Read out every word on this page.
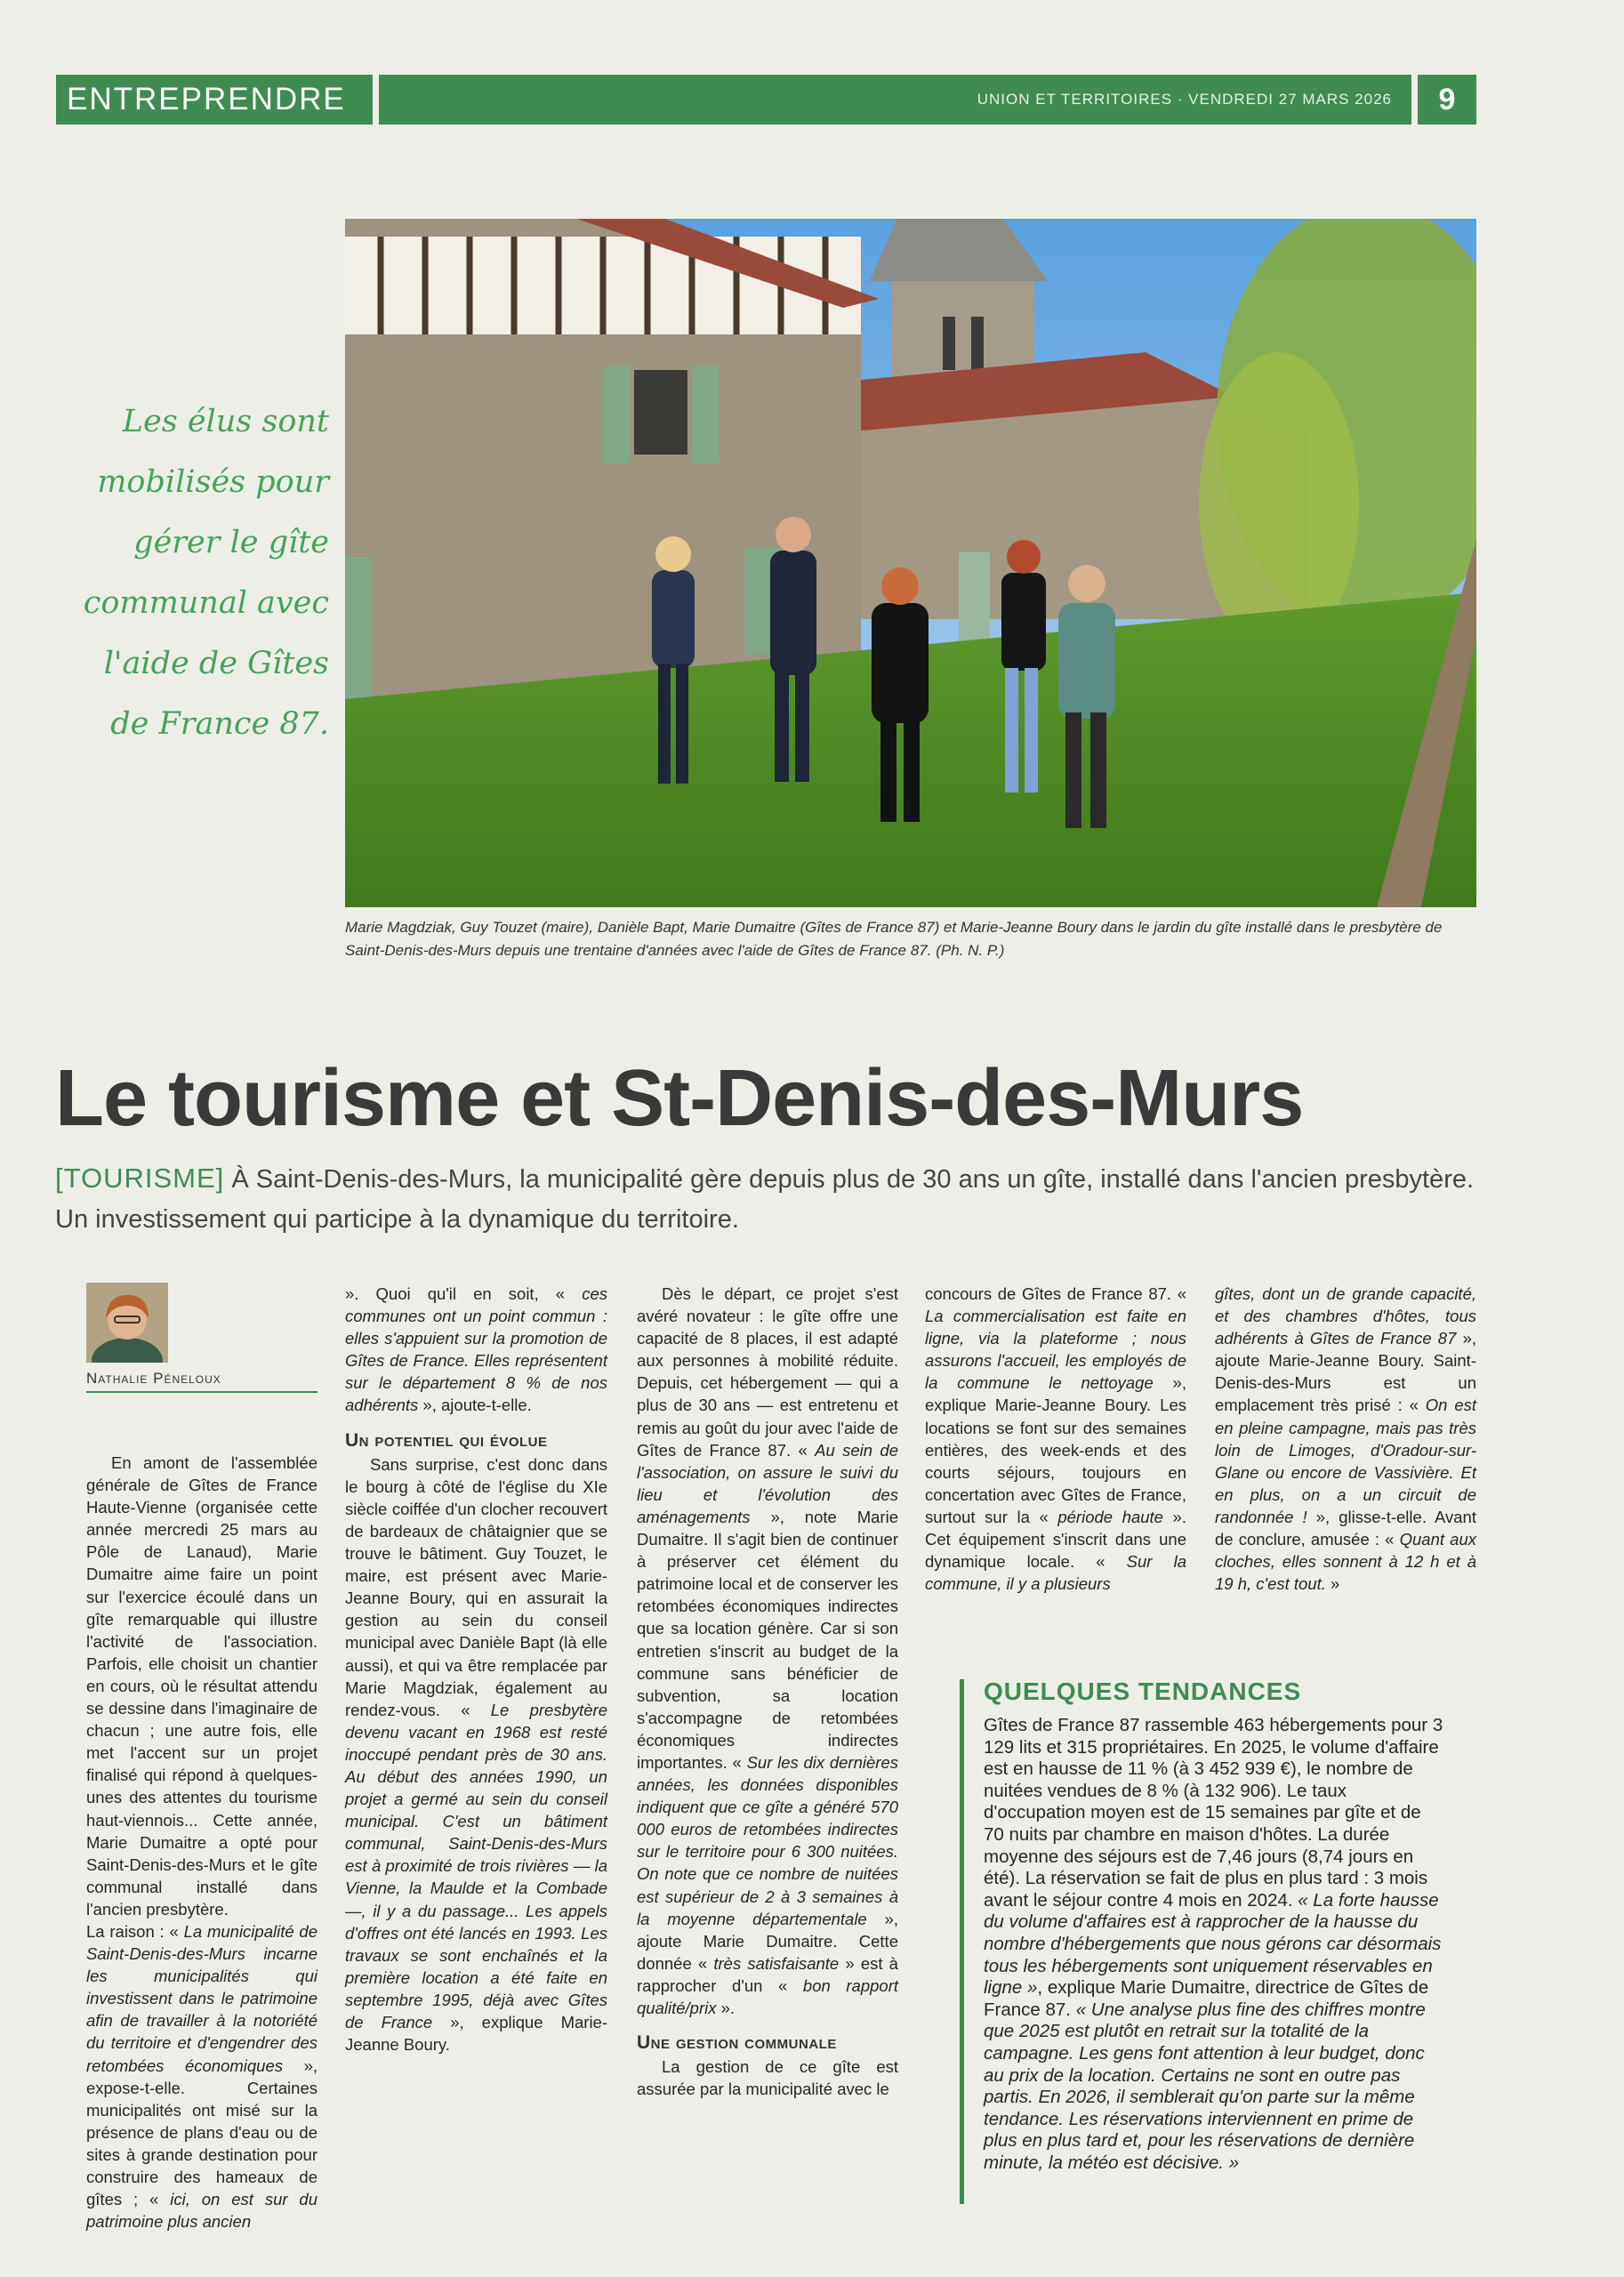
ENTREPRENDRE	UNION ET TERRITOIRES · VENDREDI 27 MARS 2026	9
Les élus sont mobilisés pour gérer le gîte communal avec l'aide de Gîtes de France 87.
Marie Magdziak, Guy Touzet (maire), Danièle Bapt, Marie Dumaitre (Gîtes de France 87) et Marie-Jeanne Boury dans le jardin du gîte installé dans le presbytère de Saint-Denis-des-Murs depuis une trentaine d'années avec l'aide de Gîtes de France 87. (Ph. N. P.)
Le tourisme et St-Denis-des-Murs
[TOURISME] À Saint-Denis-des-Murs, la municipalité gère depuis plus de 30 ans un gîte, installé dans l'ancien presbytère. Un investissement qui participe à la dynamique du territoire.
Nathalie Péneloux

En amont de l'assemblée générale de Gîtes de France Haute-Vienne (organisée cette année mercredi 25 mars au Pôle de Lanaud), Marie Dumaitre aime faire un point sur l'exercice écoulé dans un gîte remarquable qui illustre l'activité de l'association. Parfois, elle choisit un chantier en cours, où le résultat attendu se dessine dans l'imaginaire de chacun ; une autre fois, elle met l'accent sur un projet finalisé qui répond à quelques-unes des attentes du tourisme haut-viennois... Cette année, Marie Dumaitre a opté pour Saint-Denis-des-Murs et le gîte communal installé dans l'ancien presbytère.

La raison : « La municipalité de Saint-Denis-des-Murs incarne les municipalités qui investissent dans le patrimoine afin de travailler à la notoriété du territoire et d'engendrer des retombées économiques », expose-t-elle. Certaines municipalités ont misé sur la présence de plans d'eau ou de sites à grande destination pour construire des hameaux de gîtes ; « ici, on est sur du patrimoine plus ancien

». Quoi qu'il en soit, « ces communes ont un point commun : elles s'appuient sur la promotion de Gîtes de France. Elles représentent sur le département 8 % de nos adhérents », ajoute-t-elle.

Un potentiel qui évolue

Sans surprise, c'est donc dans le bourg à côté de l'église du XIe siècle coiffée d'un clocher recouvert de bardeaux de châtaignier que se trouve le bâtiment. Guy Touzet, le maire, est présent avec Marie-Jeanne Boury, qui en assurait la gestion au sein du conseil municipal avec Danièle Bapt (là elle aussi), et qui va être remplacée par Marie Magdziak, également au rendez-vous. « Le presbytère devenu vacant en 1968 est resté inoccupé pendant près de 30 ans. Au début des années 1990, un projet a germé au sein du conseil municipal. C'est un bâtiment communal, Saint-Denis-des-Murs est à proximité de trois rivières — la Vienne, la Maulde et la Combade —, il y a du passage... Les appels d'offres ont été lancés en 1993. Les travaux se sont enchaînés et la première location a été faite en septembre 1995, déjà avec Gîtes de France », explique Marie-Jeanne Boury.

Dès le départ, ce projet s'est avéré novateur : le gîte offre une capacité de 8 places, il est adapté aux personnes à mobilité réduite. Depuis, cet hébergement — qui a plus de 30 ans — est entretenu et remis au goût du jour avec l'aide de Gîtes de France 87. « Au sein de l'association, on assure le suivi du lieu et l'évolution des aménagements », note Marie Dumaitre. Il s'agit bien de continuer à préserver cet élément du patrimoine local et de conserver les retombées économiques indirectes que sa location génère. Car si son entretien s'inscrit au budget de la commune sans bénéficier de subvention, sa location s'accompagne de retombées économiques indirectes importantes. « Sur les dix dernières années, les données disponibles indiquent que ce gîte a généré 570 000 euros de retombées indirectes sur le territoire pour 6 300 nuitées. On note que ce nombre de nuitées est supérieur de 2 à 3 semaines à la moyenne départementale », ajoute Marie Dumaitre. Cette donnée « très satisfaisante » est à rapprocher d'un « bon rapport qualité/prix ».

Une gestion communale

La gestion de ce gîte est assurée par la municipalité avec le

concours de Gîtes de France 87. « La commercialisation est faite en ligne, via la plateforme ; nous assurons l'accueil, les employés de la commune le nettoyage », explique Marie-Jeanne Boury. Les locations se font sur des semaines entières, des week-ends et des courts séjours, toujours en concertation avec Gîtes de France, surtout sur la « période haute ». Cet équipement s'inscrit dans une dynamique locale. « Sur la commune, il y a plusieurs

gîtes, dont un de grande capacité, et des chambres d'hôtes, tous adhérents à Gîtes de France 87 », ajoute Marie-Jeanne Boury. Saint-Denis-des-Murs est un emplacement très prisé : « On est en pleine campagne, mais pas très loin de Limoges, d'Oradour-sur-Glane ou encore de Vassivière. Et en plus, on a un circuit de randonnée ! », glisse-t-elle. Avant de conclure, amusée : « Quant aux cloches, elles sonnent à 12 h et à 19 h, c'est tout. »

QUELQUES TENDANCES
Gîtes de France 87 rassemble 463 hébergements pour 3 129 lits et 315 propriétaires. En 2025, le volume d'affaire est en hausse de 11 % (à 3 452 939 €), le nombre de nuitées vendues de 8 % (à 132 906). Le taux d'occupation moyen est de 15 semaines par gîte et de 70 nuits par chambre en maison d'hôtes. La durée moyenne des séjours est de 7,46 jours (8,74 jours en été). La réservation se fait de plus en plus tard : 3 mois avant le séjour contre 4 mois en 2024. « La forte hausse du volume d'affaires est à rapprocher de la hausse du nombre d'hébergements que nous gérons car désormais tous les hébergements sont uniquement réservables en ligne », explique Marie Dumaitre, directrice de Gîtes de France 87. « Une analyse plus fine des chiffres montre que 2025 est plutôt en retrait sur la totalité de la campagne. Les gens font attention à leur budget, donc au prix de la location. Certains ne sont en outre pas partis. En 2026, il semblerait qu'on parte sur la même tendance. Les réservations interviennent en prime de plus en plus tard et, pour les réservations de dernière minute, la météo est décisive. »
